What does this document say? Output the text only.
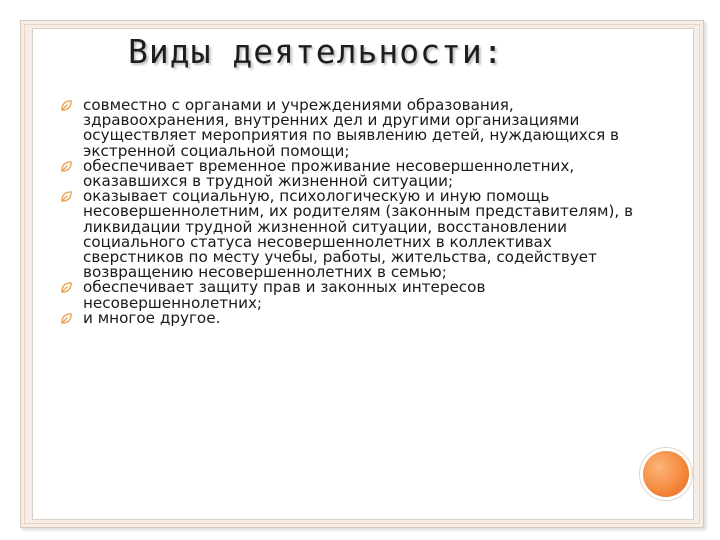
Виды деятельности:
совместно с органами и учреждениями образования, здравоохранения, внутренних дел и другими организациями осуществляет мероприятия по выявлению детей, нуждающихся в экстренной социальной помощи;
обеспечивает временное проживание несовершеннолетних, оказавшихся в трудной жизненной ситуации;
оказывает социальную, психологическую и иную помощь несовершеннолетним, их родителям (законным представителям), в ликвидации трудной жизненной ситуации, восстановлении социального статуса несовершеннолетних в коллективах сверстников по месту учебы, работы, жительства, содействует возвращению несовершеннолетних в семью;
обеспечивает защиту прав и законных интересов несовершеннолетних;
и многое другое.
